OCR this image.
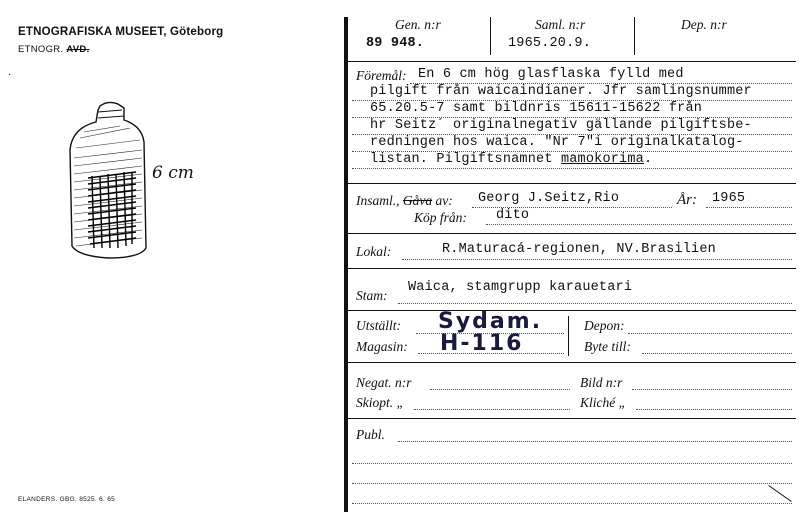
ETNOGRAFISKA MUSEET, Göteborg
ETNOGR. AVD.
·
6 cm
ELANDERS. GBG. 8525. 6. 65
Gen. n:r
89 948.
Saml. n:r
1965.20.9.
Dep. n:r
Föremål: En 6 cm hög glasflaska fylld med
pilgift från waicaindianer. Jfr samlingsnummer
65.20.5-7 samt bildnris 15611-15622 från
hr Seitz´ originalnegativ gällande pilgiftsbe-
redningen hos waica. "Nr 7"i originalkatalog-
listan. Pilgiftsnamnet mamokorima.
Insaml., Gåva av: Georg J.Seitz,Rio	År: 1965
Köp från: dito
Lokal:	R.Maturacá-regionen, NV.Brasilien
Waica, stamgrupp karauetari
Stam:
Utställt: Sydam.
Magasin: H-116
Depon:
Byte till:
Negat. n:r	Bild n:r
Skiopt. „	Kliché „
Publ.
